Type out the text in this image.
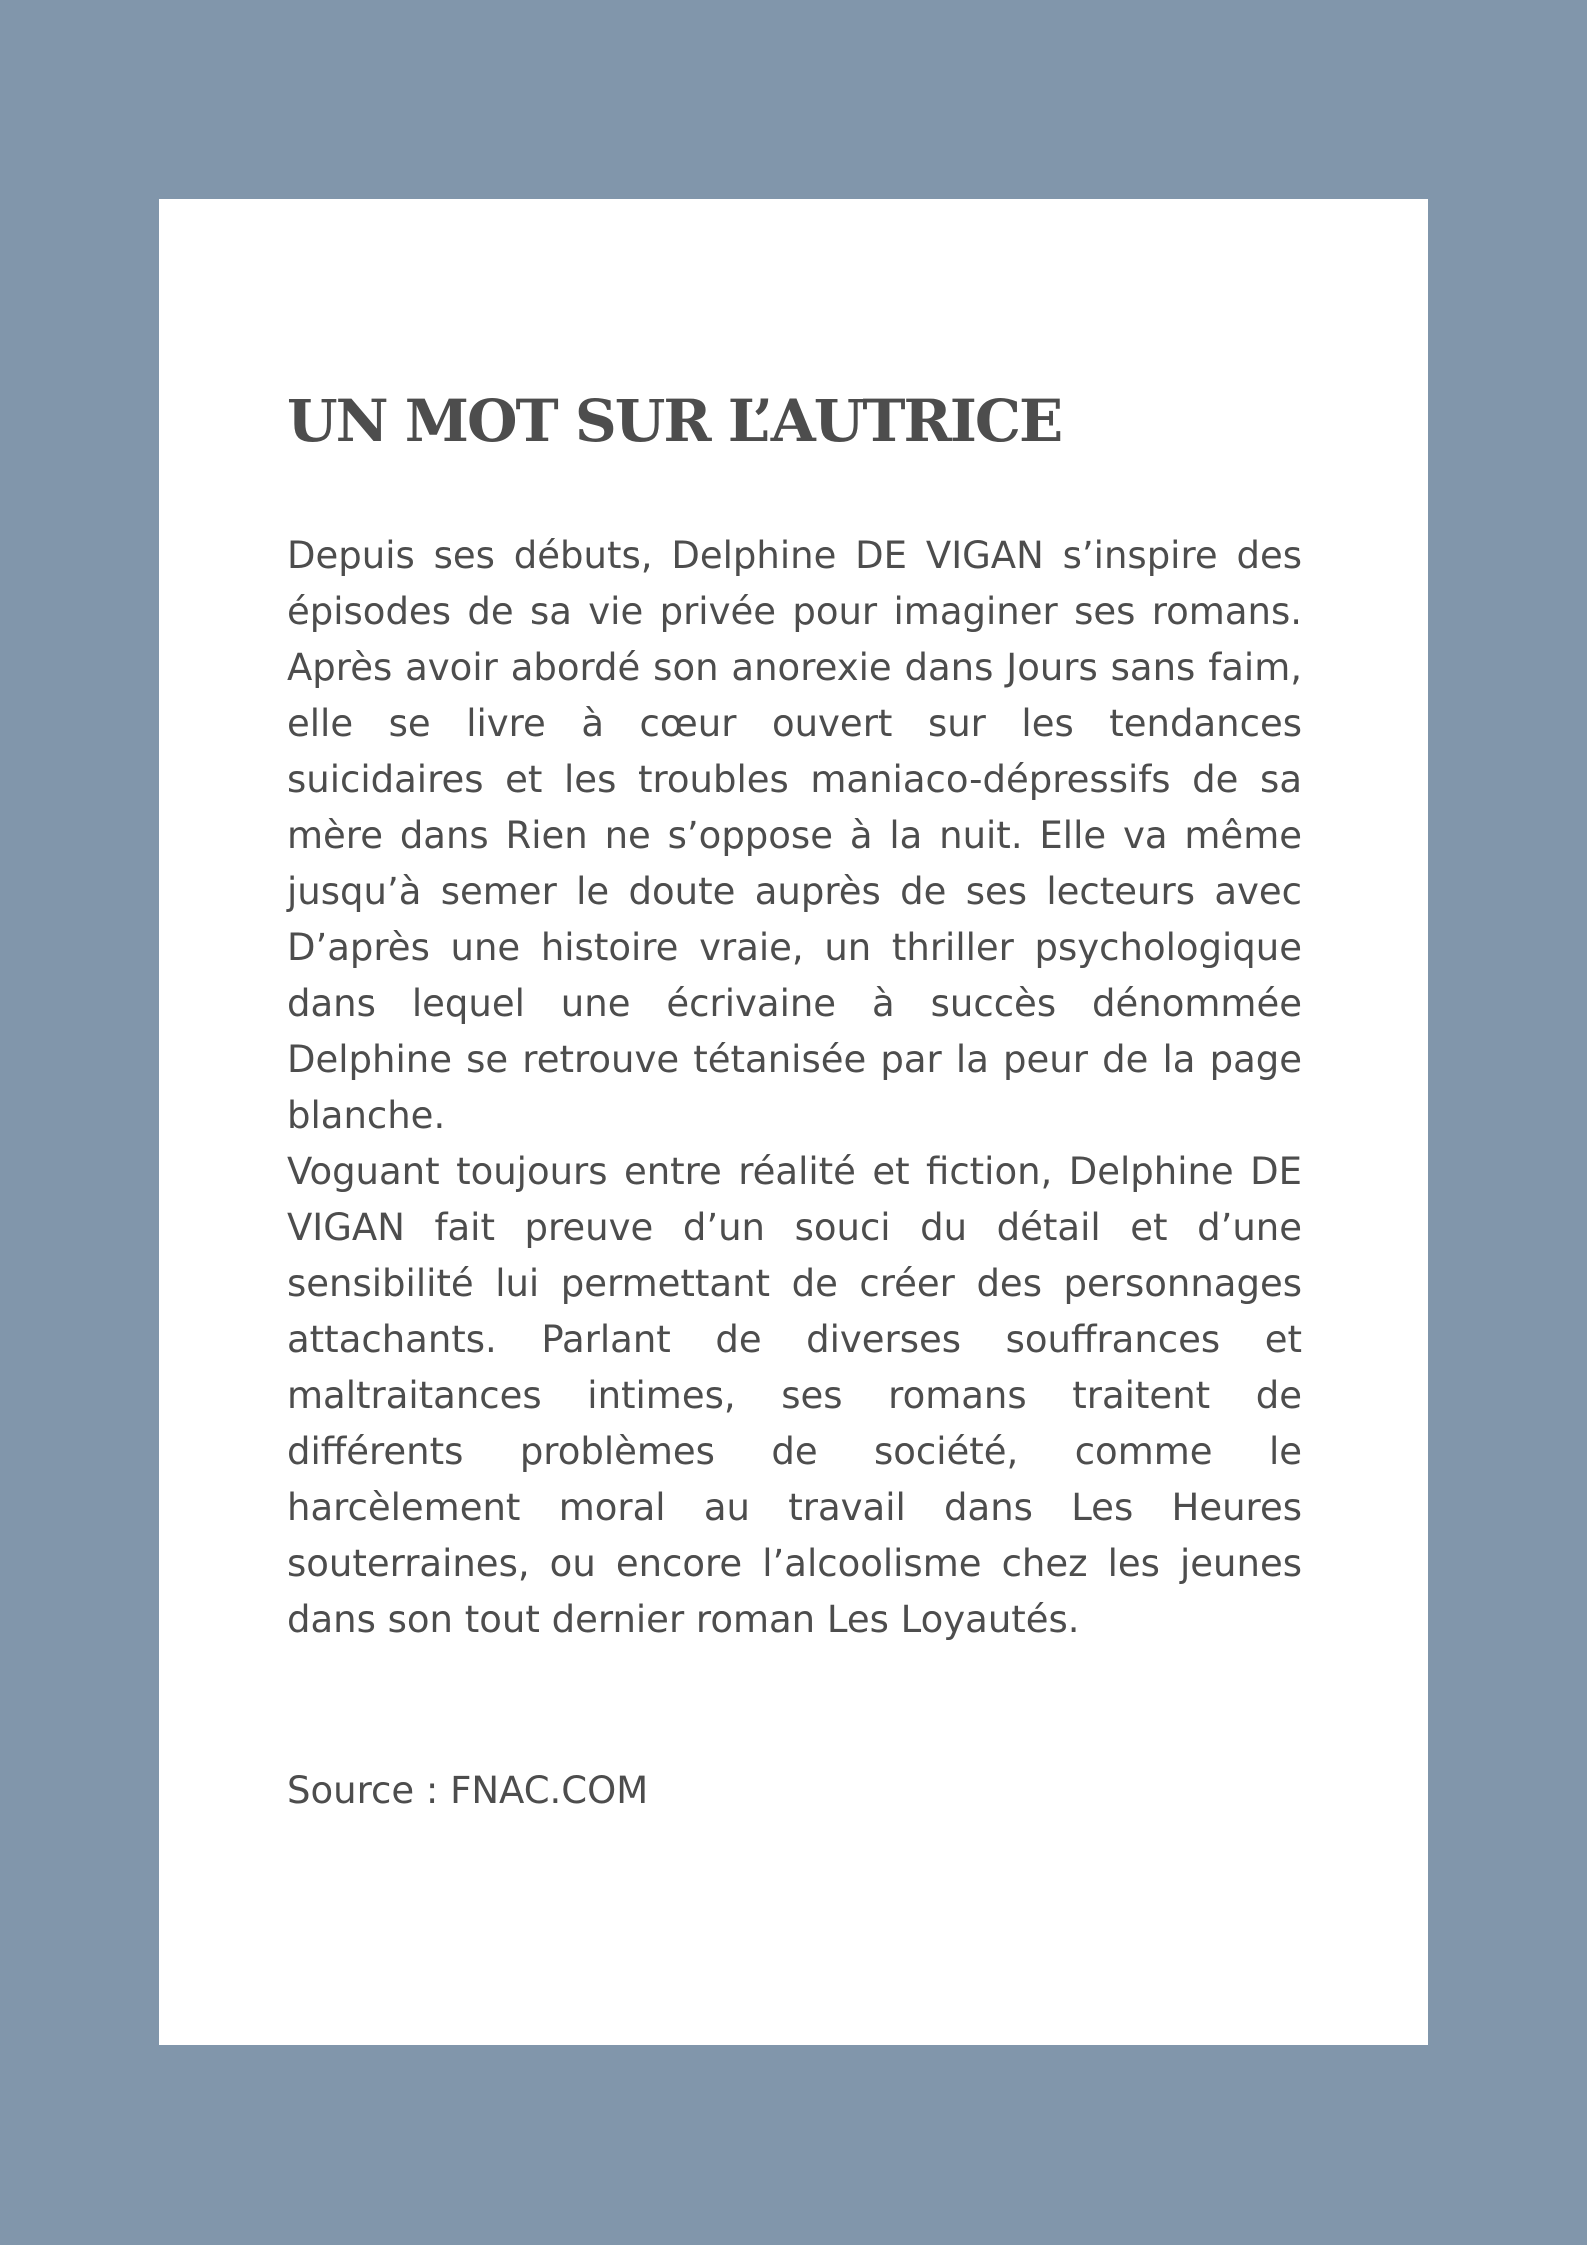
UN MOT SUR L’AUTRICE

Depuis ses débuts, Delphine DE VIGAN s’inspire des épisodes de sa vie privée pour imaginer ses romans. Après avoir abordé son anorexie dans Jours sans faim, elle se livre à cœur ouvert sur les tendances suicidaires et les troubles maniaco-dépressifs de sa mère dans Rien ne s’oppose à la nuit. Elle va même jusqu’à semer le doute auprès de ses lecteurs avec D’après une histoire vraie, un thriller psychologique dans lequel une écrivaine à succès dénommée Delphine se retrouve tétanisée par la peur de la page blanche.

Voguant toujours entre réalité et fiction, Delphine DE VIGAN fait preuve d’un souci du détail et d’une sensibilité lui permettant de créer des personnages attachants. Parlant de diverses souffrances et maltraitances intimes, ses romans traitent de différents problèmes de société, comme le harcèlement moral au travail dans Les Heures souterraines, ou encore l’alcoolisme chez les jeunes dans son tout dernier roman Les Loyautés.

Source : FNAC.COM
